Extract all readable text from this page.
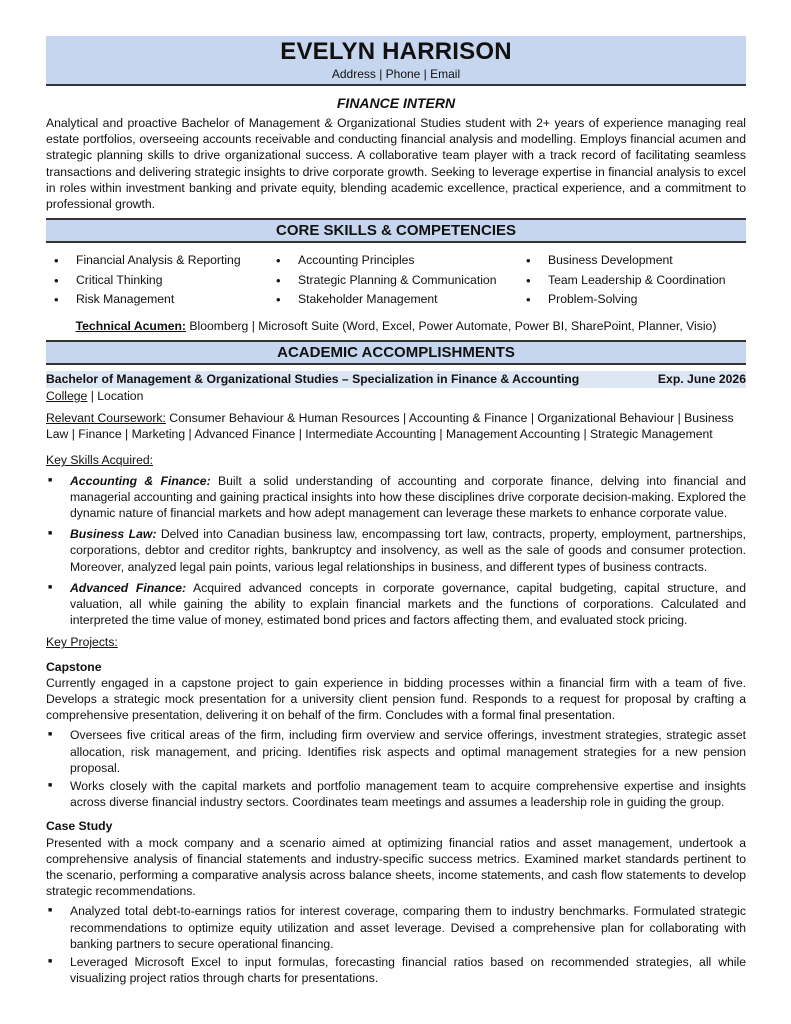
EVELYN HARRISON
Address | Phone | Email
FINANCE INTERN
Analytical and proactive Bachelor of Management & Organizational Studies student with 2+ years of experience managing real estate portfolios, overseeing accounts receivable and conducting financial analysis and modelling. Employs financial acumen and strategic planning skills to drive organizational success. A collaborative team player with a track record of facilitating seamless transactions and delivering strategic insights to drive corporate growth. Seeking to leverage expertise in financial analysis to excel in roles within investment banking and private equity, blending academic excellence, practical experience, and a commitment to professional growth.
CORE SKILLS & COMPETENCIES
• Financial Analysis & Reporting
• Critical Thinking
• Risk Management
• Accounting Principles
• Strategic Planning & Communication
• Stakeholder Management
• Business Development
• Team Leadership & Coordination
• Problem-Solving
Technical Acumen: Bloomberg | Microsoft Suite (Word, Excel, Power Automate, Power BI, SharePoint, Planner, Visio)
ACADEMIC ACCOMPLISHMENTS
Bachelor of Management & Organizational Studies – Specialization in Finance & Accounting	Exp. June 2026
College | Location
Relevant Coursework: Consumer Behaviour & Human Resources | Accounting & Finance | Organizational Behaviour | Business Law | Finance | Marketing | Advanced Finance | Intermediate Accounting | Management Accounting | Strategic Management
Key Skills Acquired:
■ Accounting & Finance: Built a solid understanding of accounting and corporate finance, delving into financial and managerial accounting and gaining practical insights into how these disciplines drive corporate decision-making. Explored the dynamic nature of financial markets and how adept management can leverage these markets to enhance corporate value.
■ Business Law: Delved into Canadian business law, encompassing tort law, contracts, property, employment, partnerships, corporations, debtor and creditor rights, bankruptcy and insolvency, as well as the sale of goods and consumer protection. Moreover, analyzed legal pain points, various legal relationships in business, and different types of business contracts.
■ Advanced Finance: Acquired advanced concepts in corporate governance, capital budgeting, capital structure, and valuation, all while gaining the ability to explain financial markets and the functions of corporations. Calculated and interpreted the time value of money, estimated bond prices and factors affecting them, and evaluated stock pricing.
Key Projects:
Capstone
Currently engaged in a capstone project to gain experience in bidding processes within a financial firm with a team of five. Develops a strategic mock presentation for a university client pension fund. Responds to a request for proposal by crafting a comprehensive presentation, delivering it on behalf of the firm. Concludes with a formal final presentation.
■ Oversees five critical areas of the firm, including firm overview and service offerings, investment strategies, strategic asset allocation, risk management, and pricing. Identifies risk aspects and optimal management strategies for a new pension proposal.
■ Works closely with the capital markets and portfolio management team to acquire comprehensive expertise and insights across diverse financial industry sectors. Coordinates team meetings and assumes a leadership role in guiding the group.
Case Study
Presented with a mock company and a scenario aimed at optimizing financial ratios and asset management, undertook a comprehensive analysis of financial statements and industry-specific success metrics. Examined market standards pertinent to the scenario, performing a comparative analysis across balance sheets, income statements, and cash flow statements to develop strategic recommendations.
■ Analyzed total debt-to-earnings ratios for interest coverage, comparing them to industry benchmarks. Formulated strategic recommendations to optimize equity utilization and asset leverage. Devised a comprehensive plan for collaborating with banking partners to secure operational financing.
■ Leveraged Microsoft Excel to input formulas, forecasting financial ratios based on recommended strategies, all while visualizing project ratios through charts for presentations.
